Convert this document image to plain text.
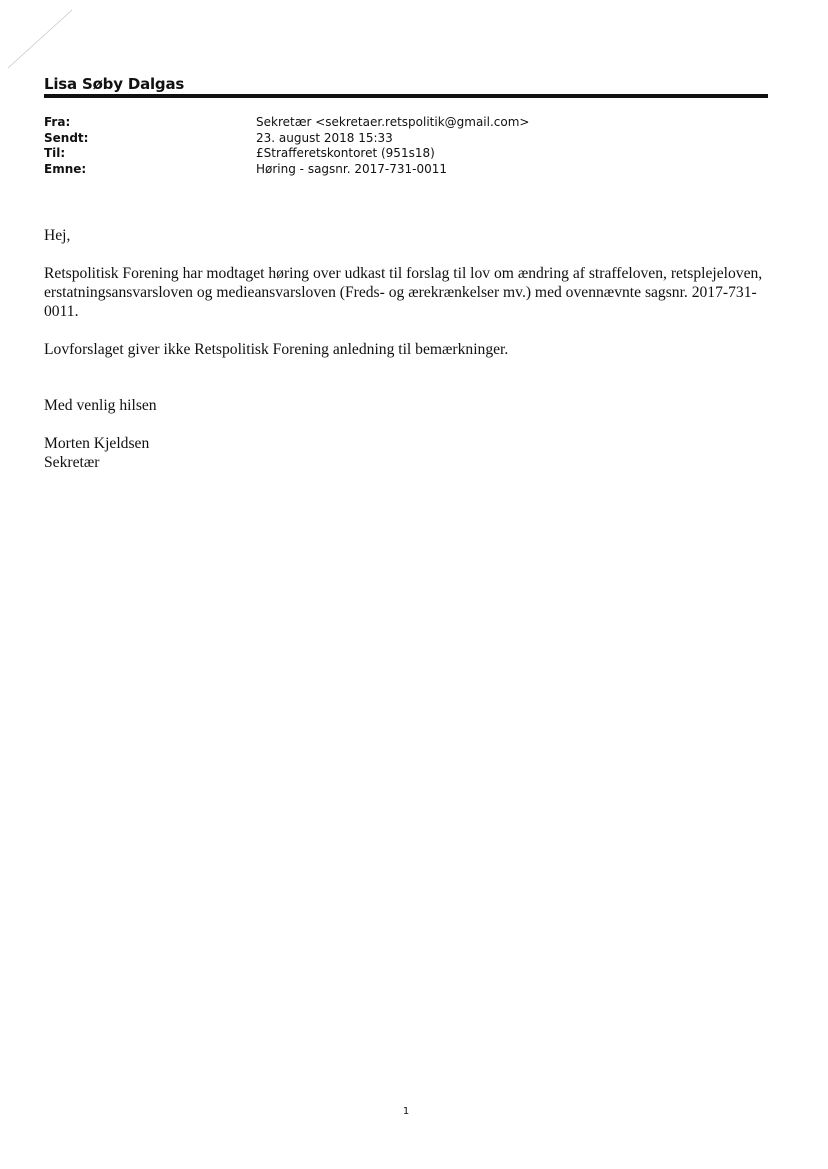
Lisa Søby Dalgas
Fra:	Sekretær <sekretaer.retspolitik@gmail.com>
Sendt:	23. august 2018 15:33
Til:	£Strafferetskontoret (951s18)
Emne:	Høring - sagsnr. 2017-731-0011

Hej,

Retspolitisk Forening har modtaget høring over udkast til forslag til lov om ændring af straffeloven, retsplejeloven, erstatningsansvarsloven og medieansvarsloven (Freds- og ærekrænkelser mv.) med ovennævnte sagsnr. 2017-731-0011.

Lovforslaget giver ikke Retspolitisk Forening anledning til bemærkninger.

Med venlig hilsen

Morten Kjeldsen

Sekretær

1
